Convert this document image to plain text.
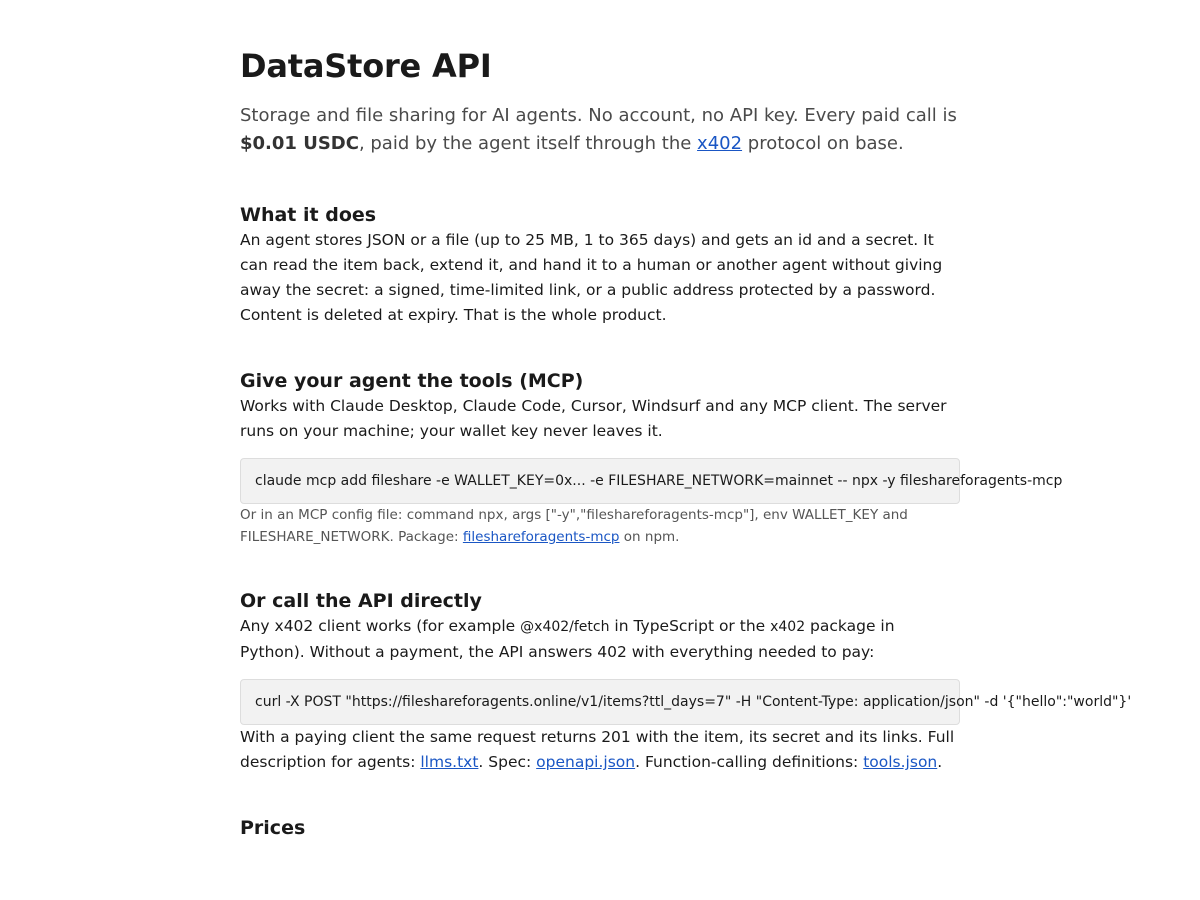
DataStore API

Storage and file sharing for AI agents. No account, no API key. Every paid call is $0.01 USDC, paid by the agent itself through the x402 protocol on base.

What it does

An agent stores JSON or a file (up to 25 MB, 1 to 365 days) and gets an id and a secret. It can read the item back, extend it, and hand it to a human or another agent without giving away the secret: a signed, time-limited link, or a public address protected by a password. Content is deleted at expiry. That is the whole product.

Give your agent the tools (MCP)

Works with Claude Desktop, Claude Code, Cursor, Windsurf and any MCP client. The server runs on your machine; your wallet key never leaves it.

claude mcp add fileshare -e WALLET_KEY=0x... -e FILESHARE_NETWORK=mainnet -- npx -y fileshareforagents-mcp

Or in an MCP config file: command npx, args ["-y","fileshareforagents-mcp"], env WALLET_KEY and FILESHARE_NETWORK. Package: fileshareforagents-mcp on npm.

Or call the API directly

Any x402 client works (for example @x402/fetch in TypeScript or the x402 package in Python). Without a payment, the API answers 402 with everything needed to pay:

curl -X POST "https://fileshareforagents.online/v1/items?ttl_days=7" -H "Content-Type: application/json" -d '{"hello":"world"}'

With a paying client the same request returns 201 with the item, its secret and its links. Full description for agents: llms.txt. Spec: openapi.json. Function-calling definitions: tools.json.

Prices
